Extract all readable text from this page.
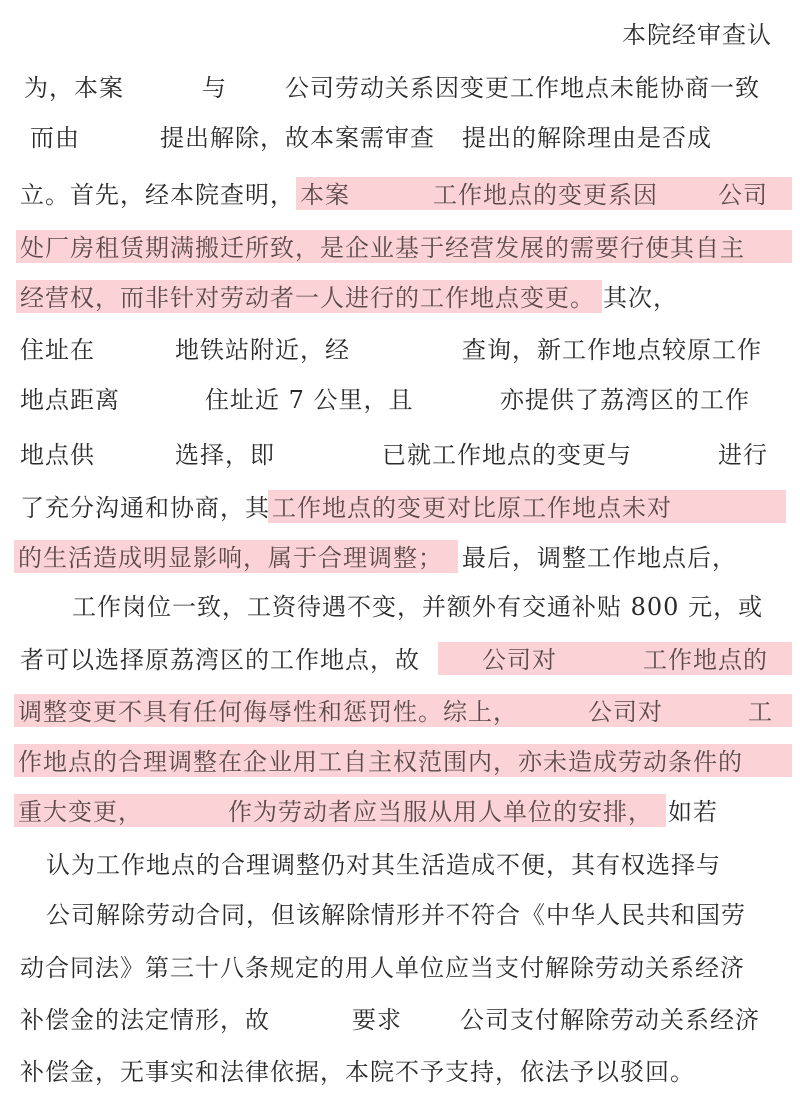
本院经审查认
为，本案	与 公司劳动关系因变更工作地点未能协商一致
而由	提出解除，故本案需审查 提出的解除理由是否成
立。首先，经本院查明， 本案	工作地点的变更系因	公司
处厂房租赁期满搬迁所致，是企业基于经营发展的需要行使其自主
经营权，而非针对劳动者一人进行的工作地点变更。 其次，
住址在	地铁站附近，经	查询，新工作地点较原工作
地点距离	住址近 7 公里，且	亦提供了荔湾区的工作
地点供	选择，即	已就工作地点的变更与	进行
了充分沟通和协商，其 工作地点的变更对比原工作地点未对
的生活造成明显影响，属于合理调整； 最后，调整工作地点后，
工作岗位一致，工资待遇不变，并额外有交通补贴 800 元，或
者可以选择原荔湾区的工作地点，故	公司对	工作地点的
调整变更不具有任何侮辱性和惩罚性。综上，	公司对	工
作地点的合理调整在企业用工自主权范围内，亦未造成劳动条件的
重大变更，	作为劳动者应当服从用人单位的安排， 如若
认为工作地点的合理调整仍对其生活造成不便，其有权选择与
公司解除劳动合同，但该解除情形并不符合《中华人民共和国劳
动合同法》第三十八条规定的用人单位应当支付解除劳动关系经济
补偿金的法定情形，故	要求 公司支付解除劳动关系经济
补偿金，无事实和法律依据，本院不予支持，依法予以驳回。
